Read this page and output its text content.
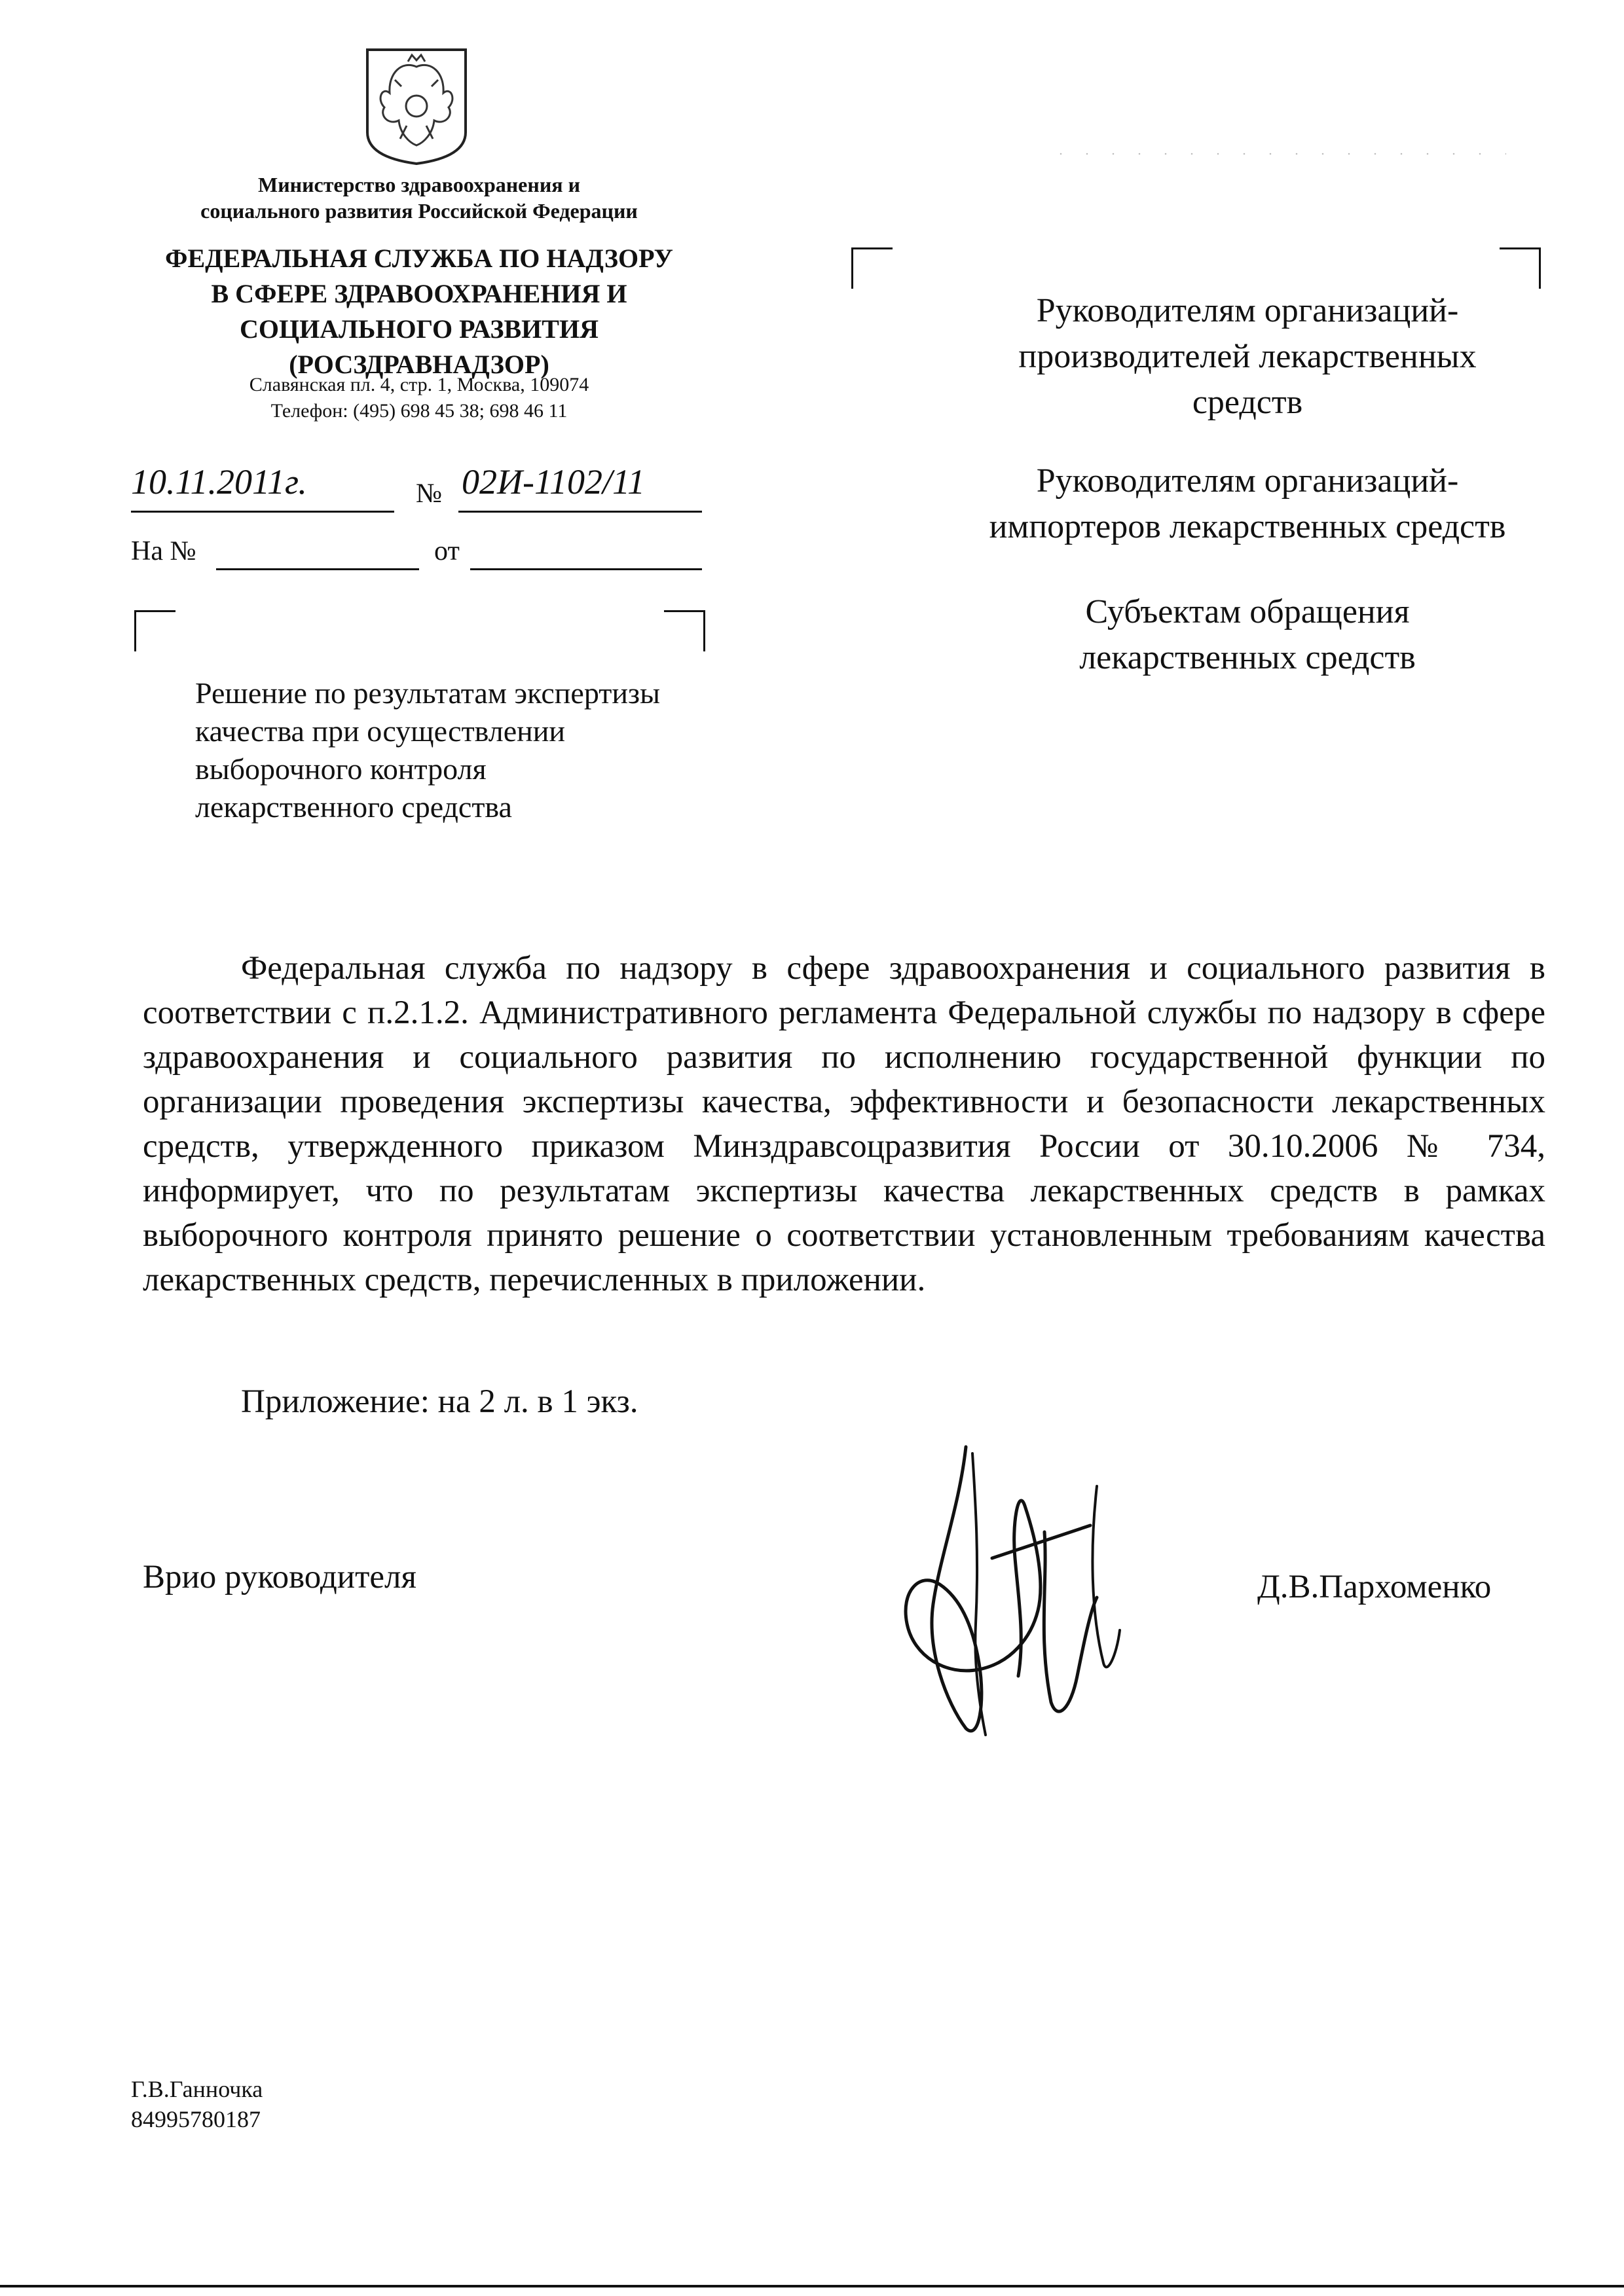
Министерство здравоохранения и
социального развития Российской Федерации
ФЕДЕРАЛЬНАЯ СЛУЖБА ПО НАДЗОРУ
В СФЕРЕ ЗДРАВООХРАНЕНИЯ И
СОЦИАЛЬНОГО РАЗВИТИЯ
(РОСЗДРАВНАДЗОР)
Славянская пл. 4, стр. 1, Москва, 109074
Телефон: (495) 698 45 38; 698 46 11
10.11.2011г.	№ 02И-1102/11
На №	от
Решение по результатам экспертизы
качества при осуществлении
выборочного контроля
лекарственного средства
Руководителям организаций-
производителей лекарственных
средств
Руководителям организаций-
импортеров лекарственных средств
Субъектам обращения
лекарственных средств
Федеральная служба по надзору в сфере здравоохранения и социального развития в соответствии с п.2.1.2. Административного регламента Федеральной службы по надзору в сфере здравоохранения и социального развития по исполнению государственной функции по организации проведения экспертизы качества, эффективности и безопасности лекарственных средств, утвержденного приказом Минздравсоцразвития России от 30.10.2006 № 734, информирует, что по результатам экспертизы качества лекарственных средств в рамках выборочного контроля принято решение о соответствии установленным требованиям качества лекарственных средств, перечисленных в приложении.
Приложение: на 2 л. в 1 экз.
Врио руководителя	Д.В.Пархоменко
Г.В.Ганночка
84995780187
